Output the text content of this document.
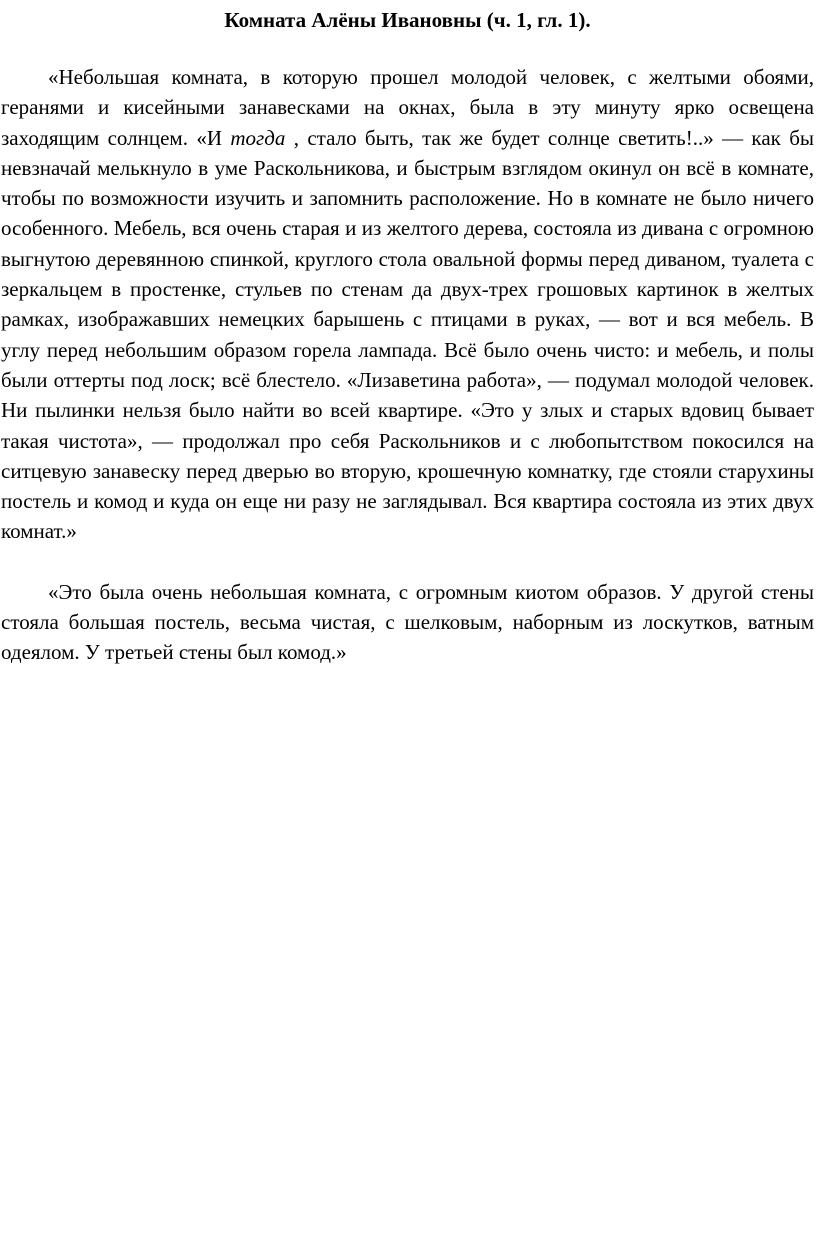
Комната Алёны Ивановны (ч. 1, гл. 1).

«Небольшая комната, в которую прошел молодой человек, с желтыми обоями, геранями и кисейными занавесками на окнах, была в эту минуту ярко освещена заходящим солнцем. «И тогда , стало быть, так же будет солнце светить!..» — как бы невзначай мелькнуло в уме Раскольникова, и быстрым взглядом окинул он всё в комнате, чтобы по возможности изучить и запомнить расположение. Но в комнате не было ничего особенного. Мебель, вся очень старая и из желтого дерева, состояла из дивана с огромною выгнутою деревянною спинкой, круглого стола овальной формы перед диваном, туалета с зеркальцем в простенке, стульев по стенам да двух-трех грошовых картинок в желтых рамках, изображавших немецких барышень с птицами в руках, — вот и вся мебель. В углу перед небольшим образом горела лампада. Всё было очень чисто: и мебель, и полы были оттерты под лоск; всё блестело. «Лизаветина работа», — подумал молодой человек. Ни пылинки нельзя было найти во всей квартире. «Это у злых и старых вдовиц бывает такая чистота», — продолжал про себя Раскольников и с любопытством покосился на ситцевую занавеску перед дверью во вторую, крошечную комнатку, где стояли старухины постель и комод и куда он еще ни разу не заглядывал. Вся квартира состояла из этих двух комнат.»

«Это была очень небольшая комната, с огромным киотом образов. У другой стены стояла большая постель, весьма чистая, с шелковым, наборным из лоскутков, ватным одеялом. У третьей стены был комод.»
